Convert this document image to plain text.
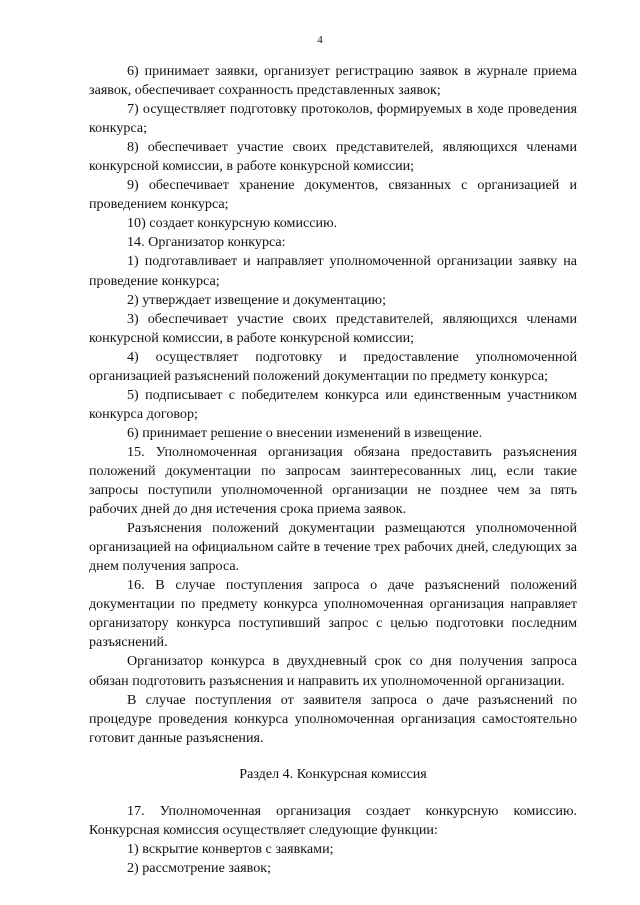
4

6) принимает заявки, организует регистрацию заявок в журнале приема заявок, обеспечивает сохранность представленных заявок;

7) осуществляет подготовку протоколов, формируемых в ходе проведения конкурса;

8) обеспечивает участие своих представителей, являющихся членами конкурсной комиссии, в работе конкурсной комиссии;

9) обеспечивает хранение документов, связанных с организацией и проведением конкурса;

10) создает конкурсную комиссию.

14. Организатор конкурса:

1) подготавливает и направляет уполномоченной организации заявку на проведение конкурса;

2) утверждает извещение и документацию;

3) обеспечивает участие своих представителей, являющихся членами конкурсной комиссии, в работе конкурсной комиссии;

4) осуществляет подготовку и предоставление уполномоченной организацией разъяснений положений документации по предмету конкурса;

5) подписывает с победителем конкурса или единственным участником конкурса договор;

6) принимает решение о внесении изменений в извещение.

15. Уполномоченная организация обязана предоставить разъяснения положений документации по запросам заинтересованных лиц, если такие запросы поступили уполномоченной организации не позднее чем за пять рабочих дней до дня истечения срока приема заявок.

Разъяснения положений документации размещаются уполномоченной организацией на официальном сайте в течение трех рабочих дней, следующих за днем получения запроса.

16. В случае поступления запроса о даче разъяснений положений документации по предмету конкурса уполномоченная организация направляет организатору конкурса поступивший запрос с целью подготовки последним разъяснений.

Организатор конкурса в двухдневный срок со дня получения запроса обязан подготовить разъяснения и направить их уполномоченной организации.

В случае поступления от заявителя запроса о даче разъяснений по процедуре проведения конкурса уполномоченная организация самостоятельно готовит данные разъяснения.

Раздел 4. Конкурсная комиссия

17. Уполномоченная организация создает конкурсную комиссию. Конкурсная комиссия осуществляет следующие функции:

1) вскрытие конвертов с заявками;

2) рассмотрение заявок;
